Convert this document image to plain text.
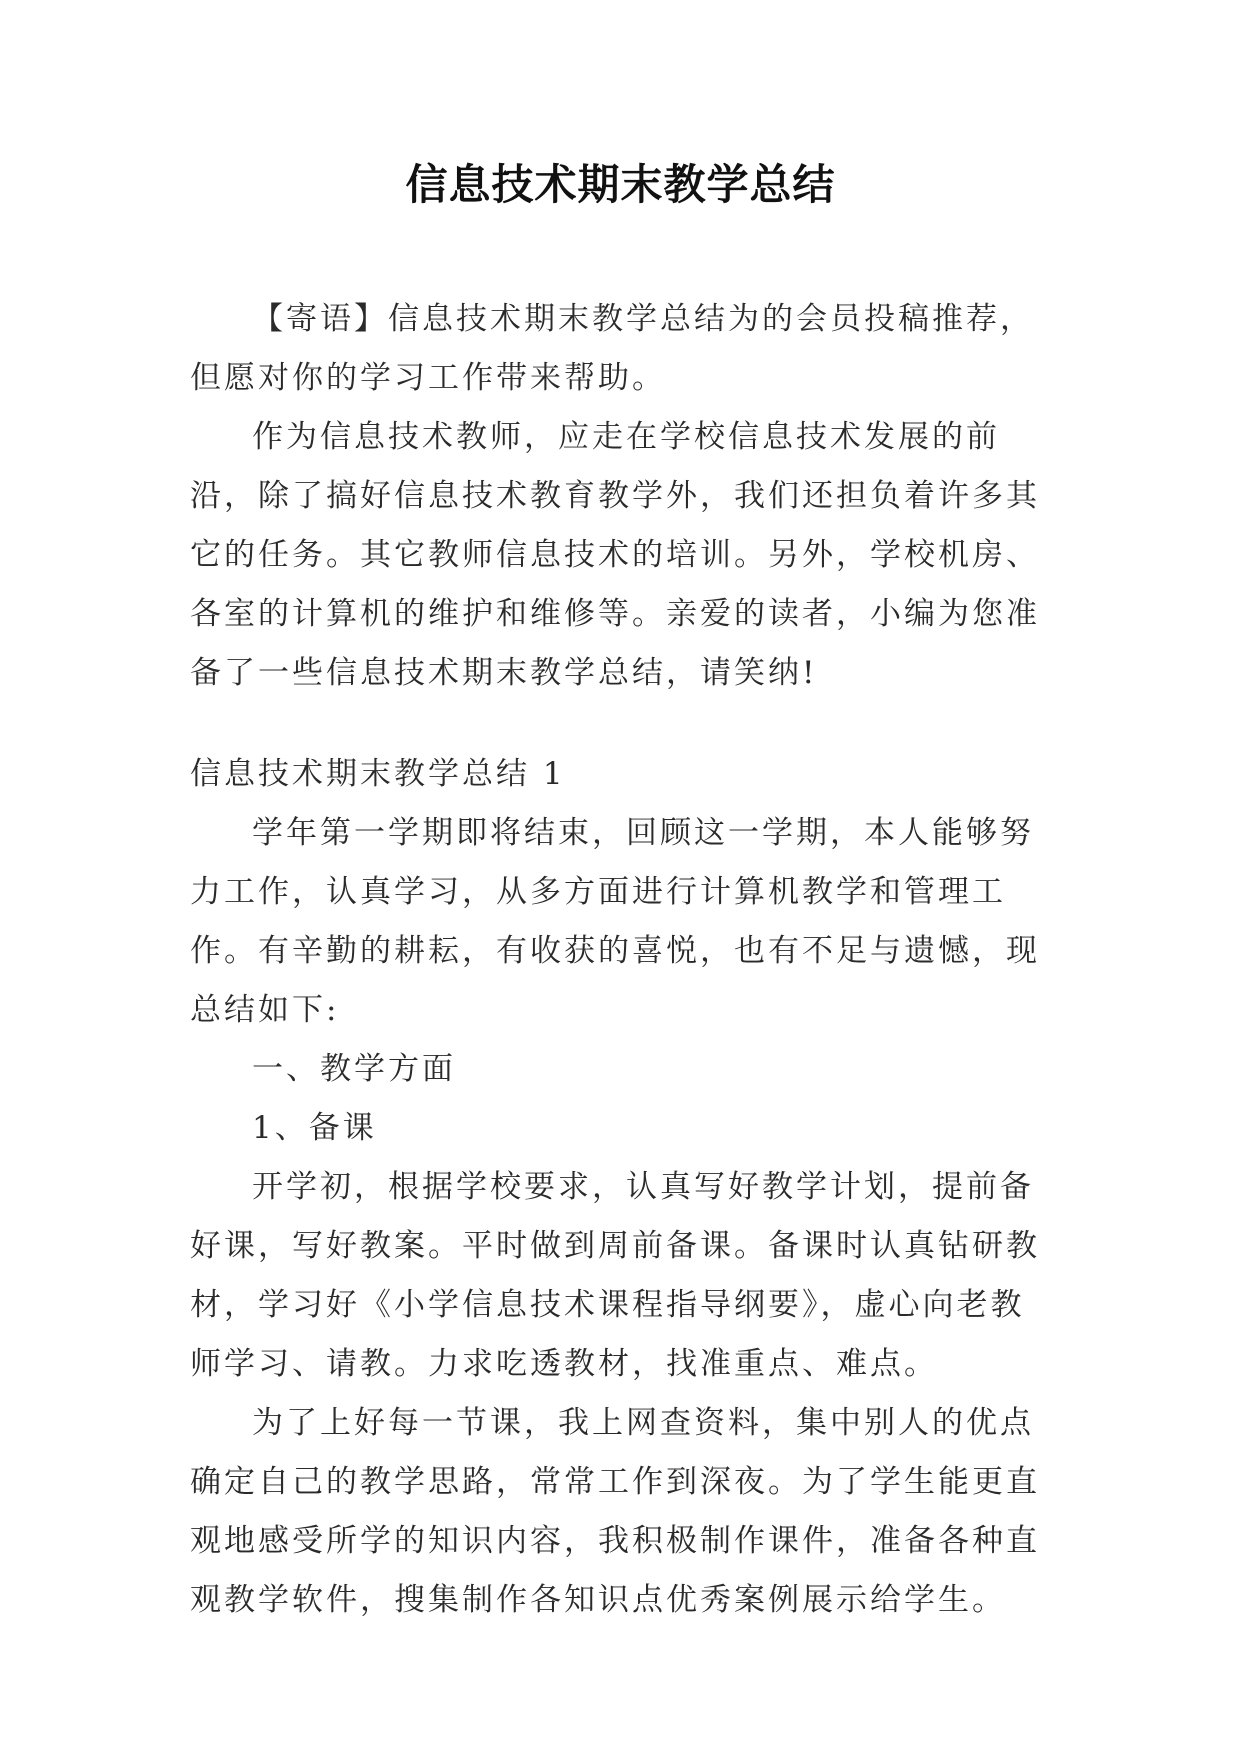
信息技术期末教学总结

【寄语】信息技术期末教学总结为的会员投稿推荐，但愿对你的学习工作带来帮助。

作为信息技术教师，应走在学校信息技术发展的前沿，除了搞好信息技术教育教学外，我们还担负着许多其它的任务。其它教师信息技术的培训。另外，学校机房、各室的计算机的维护和维修等。亲爱的读者，小编为您准备了一些信息技术期末教学总结，请笑纳!

信息技术期末教学总结 1

学年第一学期即将结束，回顾这一学期，本人能够努力工作，认真学习，从多方面进行计算机教学和管理工作。有辛勤的耕耘，有收获的喜悦，也有不足与遗憾，现总结如下:

一、教学方面

1、备课

开学初，根据学校要求，认真写好教学计划，提前备好课，写好教案。平时做到周前备课。备课时认真钻研教材，学习好《小学信息技术课程指导纲要》，虚心向老教师学习、请教。力求吃透教材，找准重点、难点。

为了上好每一节课，我上网查资料，集中别人的优点确定自己的教学思路，常常工作到深夜。为了学生能更直观地感受所学的知识内容，我积极制作课件，准备各种直观教学软件，搜集制作各知识点优秀案例展示给学生。
